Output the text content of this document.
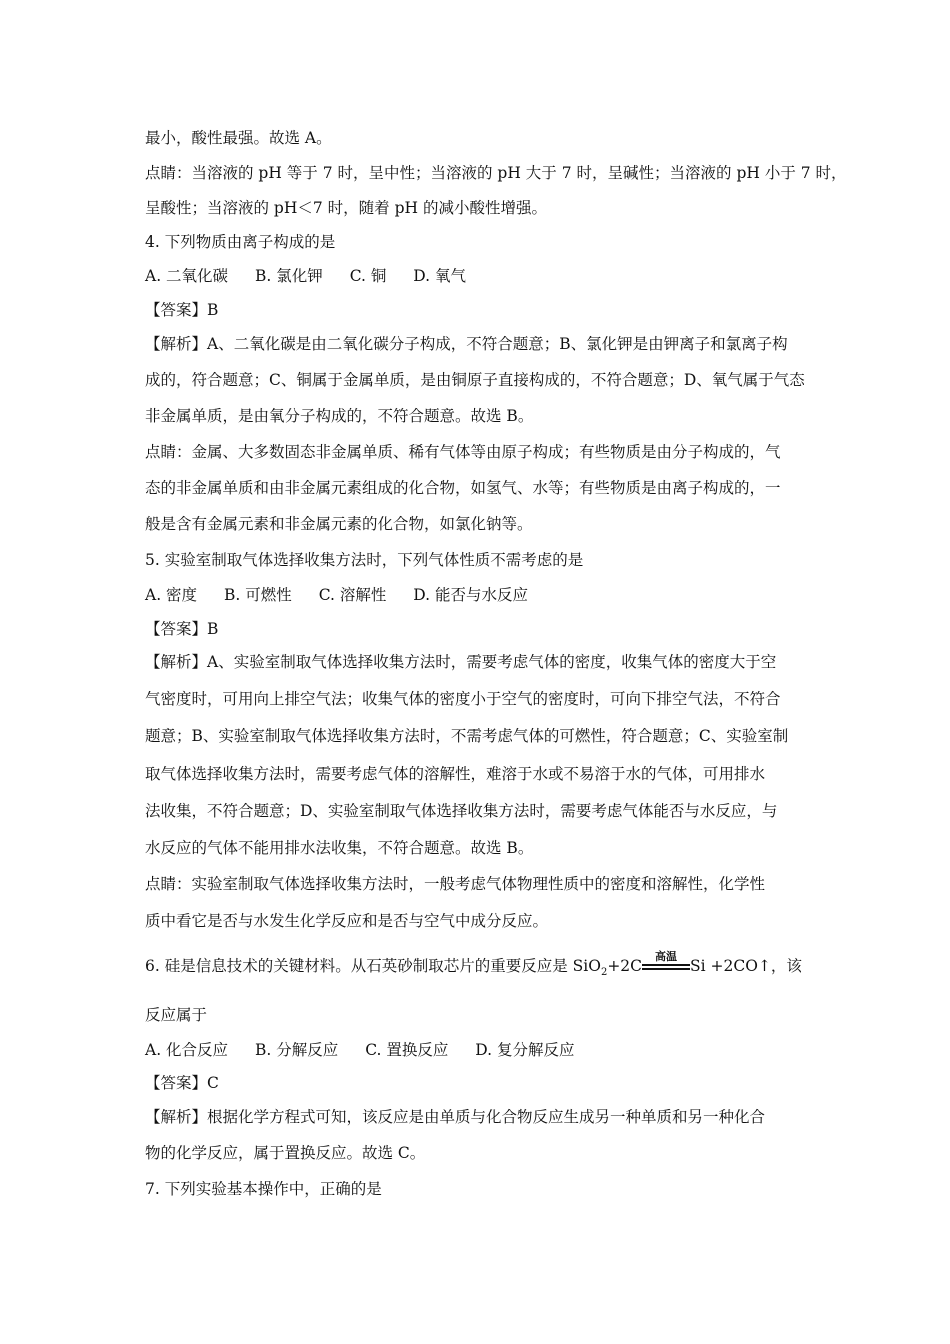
最小，酸性最强。故选 A。
点睛：当溶液的 pH 等于 7 时，呈中性；当溶液的 pH 大于 7 时，呈碱性；当溶液的 pH 小于 7 时，
呈酸性；当溶液的 pH＜7 时，随着 pH 的减小酸性增强。
4. 下列物质由离子构成的是
A. 二氧化碳 B. 氯化钾 C. 铜 D. 氧气
【答案】B
【解析】A、二氧化碳是由二氧化碳分子构成，不符合题意；B、氯化钾是由钾离子和氯离子构
成的，符合题意；C、铜属于金属单质，是由铜原子直接构成的，不符合题意；D、氧气属于气态
非金属单质，是由氧分子构成的，不符合题意。故选 B。
点睛：金属、大多数固态非金属单质、稀有气体等由原子构成；有些物质是由分子构成的，气
态的非金属单质和由非金属元素组成的化合物，如氢气、水等；有些物质是由离子构成的，一
般是含有金属元素和非金属元素的化合物，如氯化钠等。
5. 实验室制取气体选择收集方法时，下列气体性质不需考虑的是
A. 密度 B. 可燃性 C. 溶解性 D. 能否与水反应
【答案】B
【解析】A、实验室制取气体选择收集方法时，需要考虑气体的密度，收集气体的密度大于空
气密度时，可用向上排空气法；收集气体的密度小于空气的密度时，可向下排空气法，不符合
题意；B、实验室制取气体选择收集方法时，不需考虑气体的可燃性，符合题意；C、实验室制
取气体选择收集方法时，需要考虑气体的溶解性，难溶于水或不易溶于水的气体，可用排水
法收集，不符合题意；D、实验室制取气体选择收集方法时，需要考虑气体能否与水反应，与
水反应的气体不能用排水法收集，不符合题意。故选 B。
点睛：实验室制取气体选择收集方法时，一般考虑气体物理性质中的密度和溶解性，化学性
质中看它是否与水发生化学反应和是否与空气中成分反应。
6. 硅是信息技术的关键材料。从石英砂制取芯片的重要反应是 SiO$_2$+2C
高温
Si +2CO↑，该
反应属于
A. 化合反应 B. 分解反应 C. 置换反应 D. 复分解反应
【答案】C
【解析】根据化学方程式可知，该反应是由单质与化合物反应生成另一种单质和另一种化合
物的化学反应，属于置换反应。故选 C。
7. 下列实验基本操作中，正确的是
